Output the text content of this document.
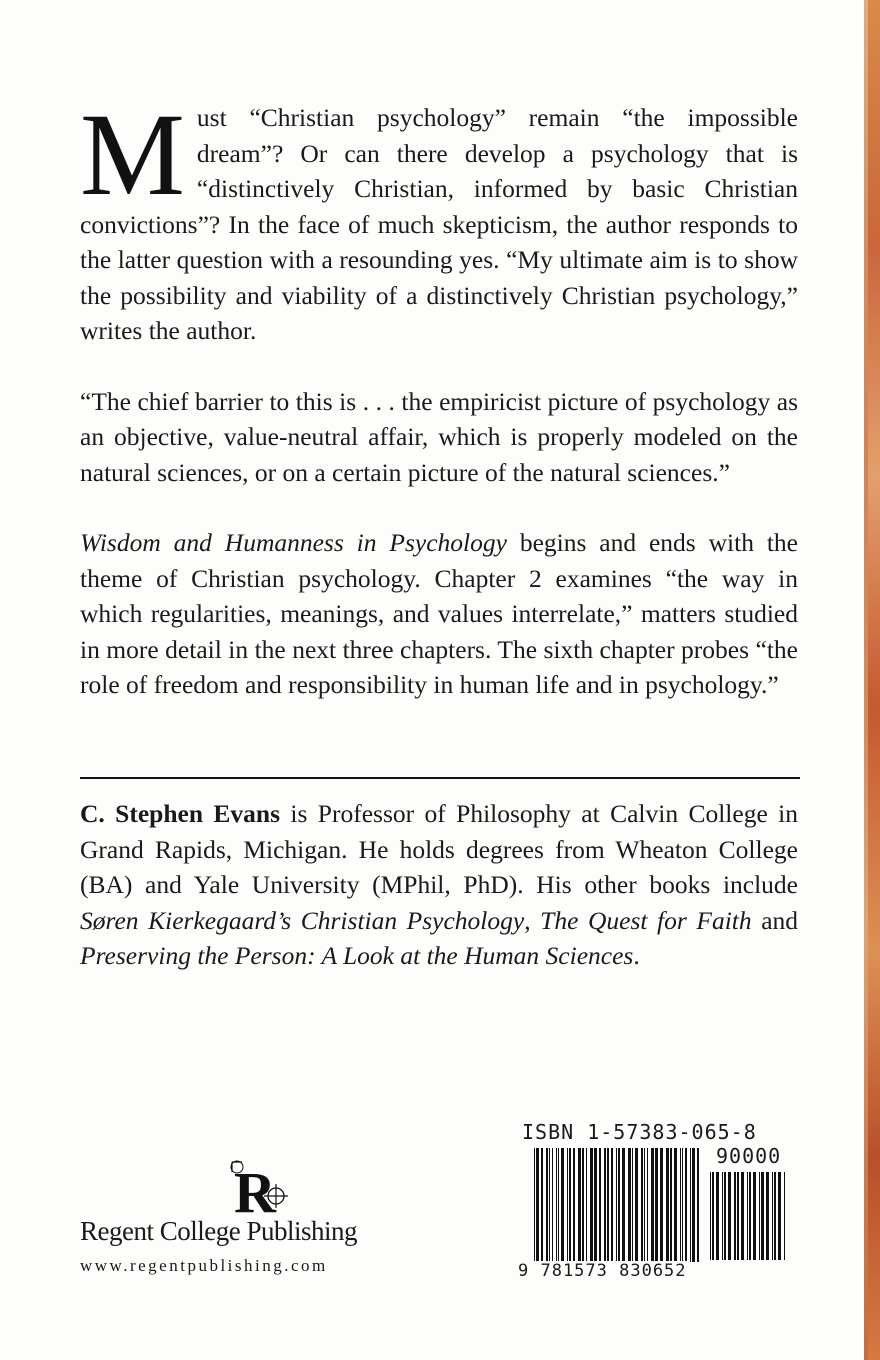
Must “Christian psychology” remain “the impossible dream”? Or can there develop a psychology that is “distinctively Christian, informed by basic Christian convictions”? In the face of much skepticism, the author responds to the latter question with a resounding yes. “My ultimate aim is to show the possibility and viability of a distinctively Christian psychology,” writes the author.

“The chief barrier to this is . . . the empiricist picture of psychology as an objective, value-neutral affair, which is properly modeled on the natural sciences, or on a certain picture of the natural sciences.”

Wisdom and Humanness in Psychology begins and ends with the theme of Christian psychology. Chapter 2 examines “the way in which regularities, meanings, and values interrelate,” matters studied in more detail in the next three chapters. The sixth chapter probes “the role of freedom and responsibility in human life and in psychology.”

C. Stephen Evans is Professor of Philosophy at Calvin College in Grand Rapids, Michigan. He holds degrees from Wheaton College (BA) and Yale University (MPhil, PhD). His other books include Søren Kierkegaard’s Christian Psychology, The Quest for Faith and Preserving the Person: A Look at the Human Sciences.

R

Regent College Publishing

www.regentpublishing.com

ISBN 1-57383-065-8

90000

9 781573 830652
